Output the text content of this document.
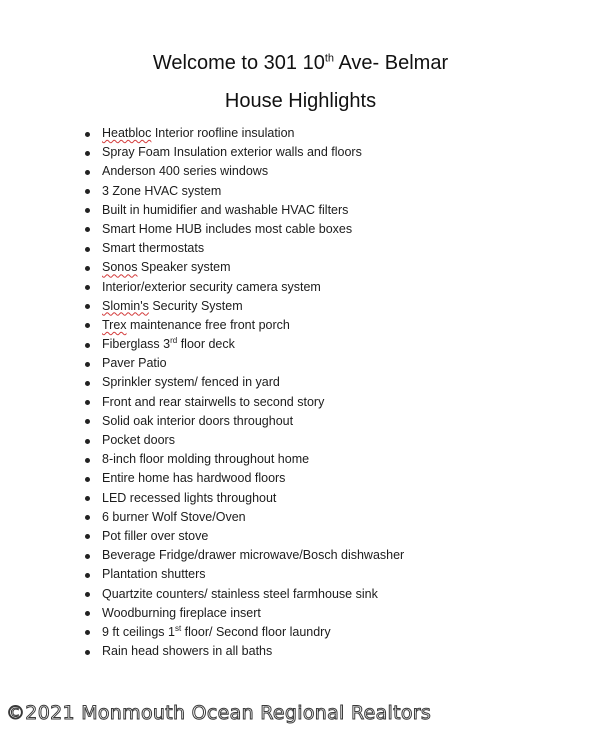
Welcome to 301 10th Ave- Belmar
House Highlights
Heatbloc Interior roofline insulation
Spray Foam Insulation exterior walls and floors
Anderson 400 series windows
3 Zone HVAC system
Built in humidifier and washable HVAC filters
Smart Home HUB includes most cable boxes
Smart thermostats
Sonos Speaker system
Interior/exterior security camera system
Slomin's Security System
Trex maintenance free front porch
Fiberglass 3rd floor deck
Paver Patio
Sprinkler system/ fenced in yard
Front and rear stairwells to second story
Solid oak interior doors throughout
Pocket doors
8-inch floor molding throughout home
Entire home has hardwood floors
LED recessed lights throughout
6 burner Wolf Stove/Oven
Pot filler over stove
Beverage Fridge/drawer microwave/Bosch dishwasher
Plantation shutters
Quartzite counters/ stainless steel farmhouse sink
Woodburning fireplace insert
9 ft ceilings 1st floor/ Second floor laundry
Rain head showers in all baths
©2021 Monmouth Ocean Regional Realtors
